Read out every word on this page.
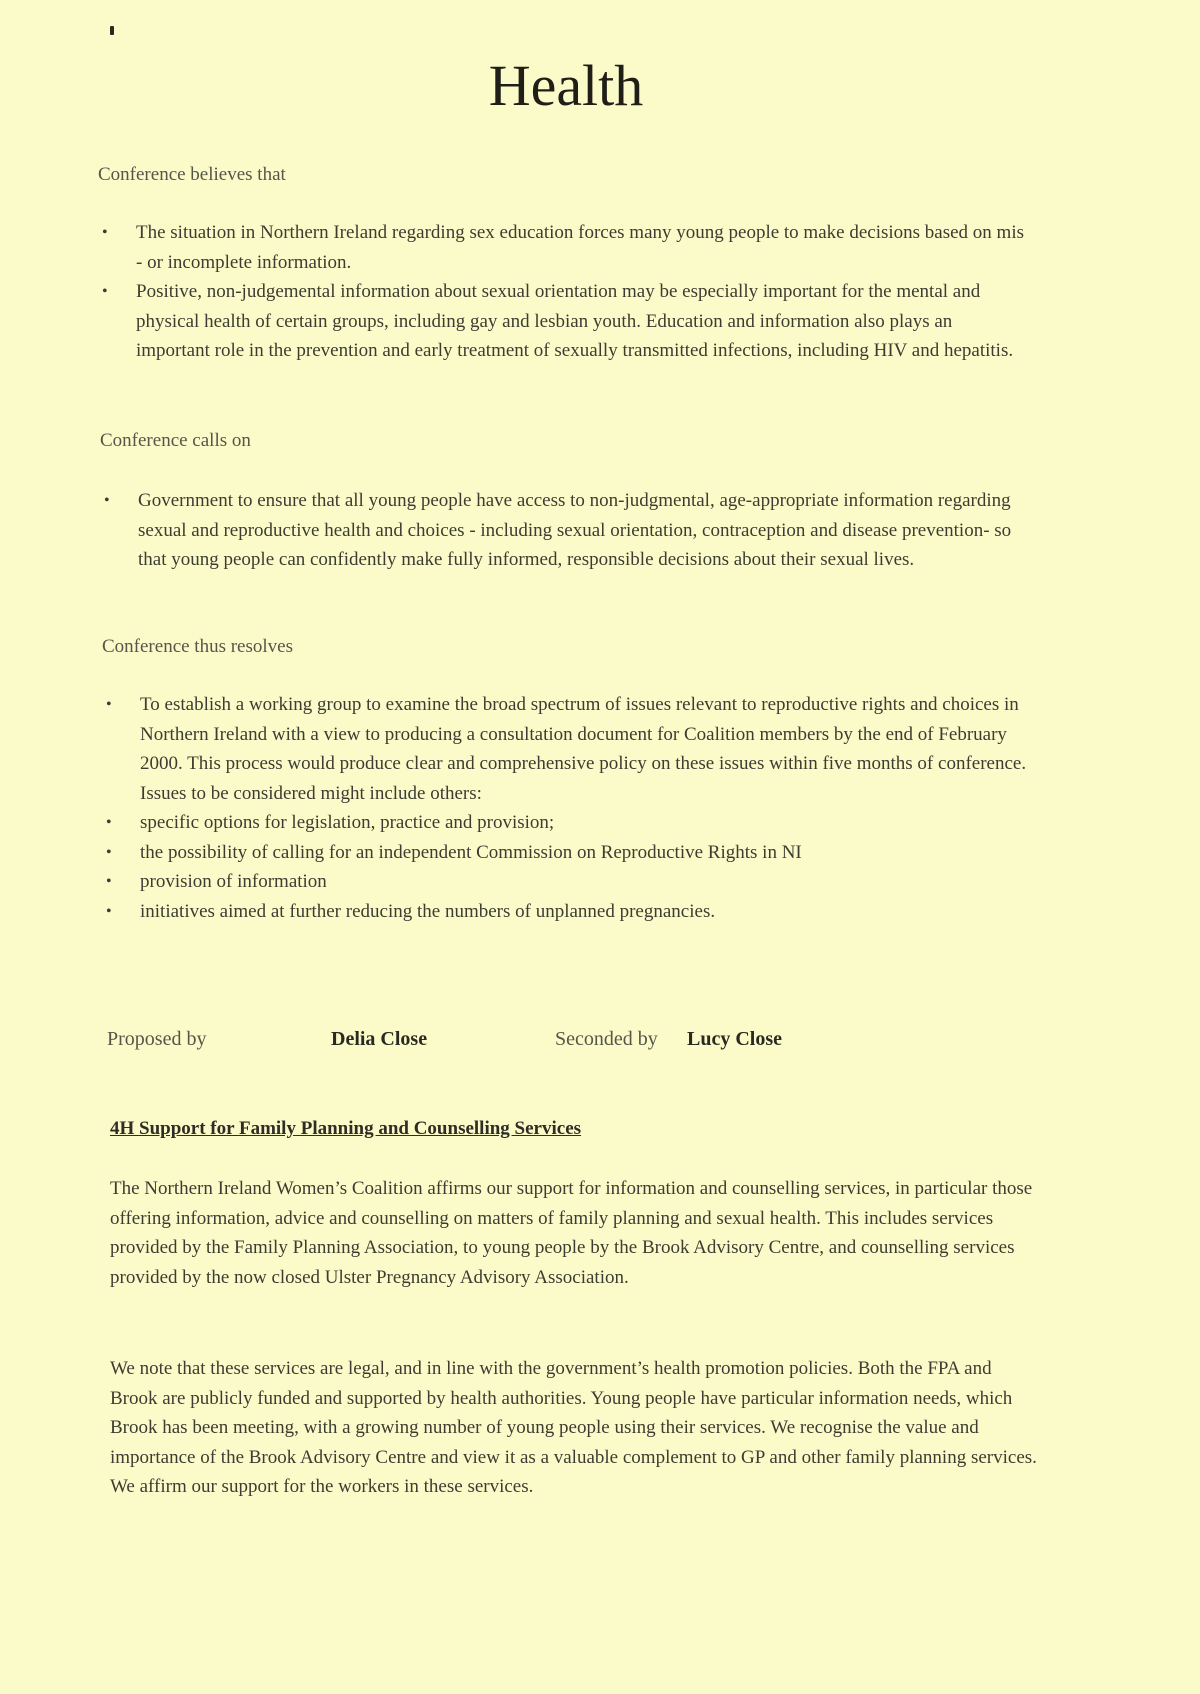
Health

Conference believes that

• The situation in Northern Ireland regarding sex education forces many young people to make decisions based on mis - or incomplete information.
• Positive, non-judgemental information about sexual orientation may be especially important for the mental and physical health of certain groups, including gay and lesbian youth. Education and information also plays an important role in the prevention and early treatment of sexually transmitted infections, including HIV and hepatitis.

Conference calls on

• Government to ensure that all young people have access to non-judgmental, age-appropriate information regarding sexual and reproductive health and choices - including sexual orientation, contraception and disease prevention- so that young people can confidently make fully informed, responsible decisions about their sexual lives.

Conference thus resolves

• To establish a working group to examine the broad spectrum of issues relevant to reproductive rights and choices in Northern Ireland with a view to producing a consultation document for Coalition members by the end of February 2000. This process would produce clear and comprehensive policy on these issues within five months of conference. Issues to be considered might include others:
• specific options for legislation, practice and provision;
• the possibility of calling for an independent Commission on Reproductive Rights in NI
• provision of information
• initiatives aimed at further reducing the numbers of unplanned pregnancies.
Proposed by	Delia Close	Seconded by Lucy Close

4H Support for Family Planning and Counselling Services

The Northern Ireland Women’s Coalition affirms our support for information and counselling services, in particular those offering information, advice and counselling on matters of family planning and sexual health. This includes services provided by the Family Planning Association, to young people by the Brook Advisory Centre, and counselling services provided by the now closed Ulster Pregnancy Advisory Association.

We note that these services are legal, and in line with the government’s health promotion policies. Both the FPA and Brook are publicly funded and supported by health authorities. Young people have particular information needs, which Brook has been meeting, with a growing number of young people using their services. We recognise the value and importance of the Brook Advisory Centre and view it as a valuable complement to GP and other family planning services. We affirm our support for the workers in these services.
